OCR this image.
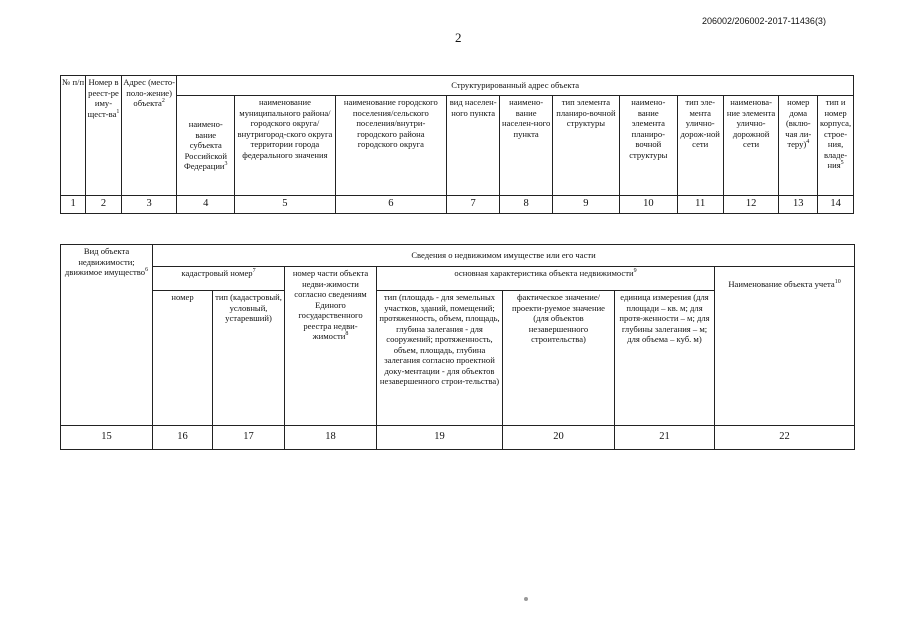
206002/206002-2017-11436(3)
2
№ п/п	Номер в реест-ре иму-$щест-ва^1$	Адрес (место-поло-жение) объекта$^2$	Структурированный адрес объекта										
			наимено-вание субъекта Российской Федерации$^3$	наименование муниципального района/городского округа/внутригород-ского округа территории города федерального значения	наименование городского поселения/сельского поселения/внутри-городского района городского округа	вид населен-ного пункта	наимено-вание населен-ного пункта	тип элемента планиро-вочной структуры	наимено-вание элемента планиро-вочной структуры	тип эле-мента улично-дорож-ной сети	наименова-ние элемента улично-дорожной сети	номер дома (вклю-чая ли-теру)$^4$	тип и номер корпуса, строе-ния, владе-ния$^5$
1	2	3	4	5	6	7	8	9	10	11	12	13	14
Вид объекта недвижимости; движимое имущество$^6$	Сведения о недвижимом имуществе или его части						
	кадастровый номер$^7$		номер части объекта недви-жимости согласно сведениям Единого государственного реестра недви-жимости$^8$	основная характеристика объекта недвижимости$^9$			Наименование объекта учета$^{10}$
	номер	тип (кадастровый, условный, устаревший)		тип (площадь - для земельных участков, зданий, помещений; протяженность, объем, площадь, глубина залегания - для сооружений; протяженность, объем, площадь, глубина залегания согласно проектной доку-ментации - для объектов незавершенного строи-тельства)	фактическое значение/проекти-руемое значение (для объектов незавершенного строительства)	единица измерения (для площади – кв. м; для протя-женности – м; для глубины залегания – м; для объема – куб. м)	
15	16	17	18	19	20	21	22
